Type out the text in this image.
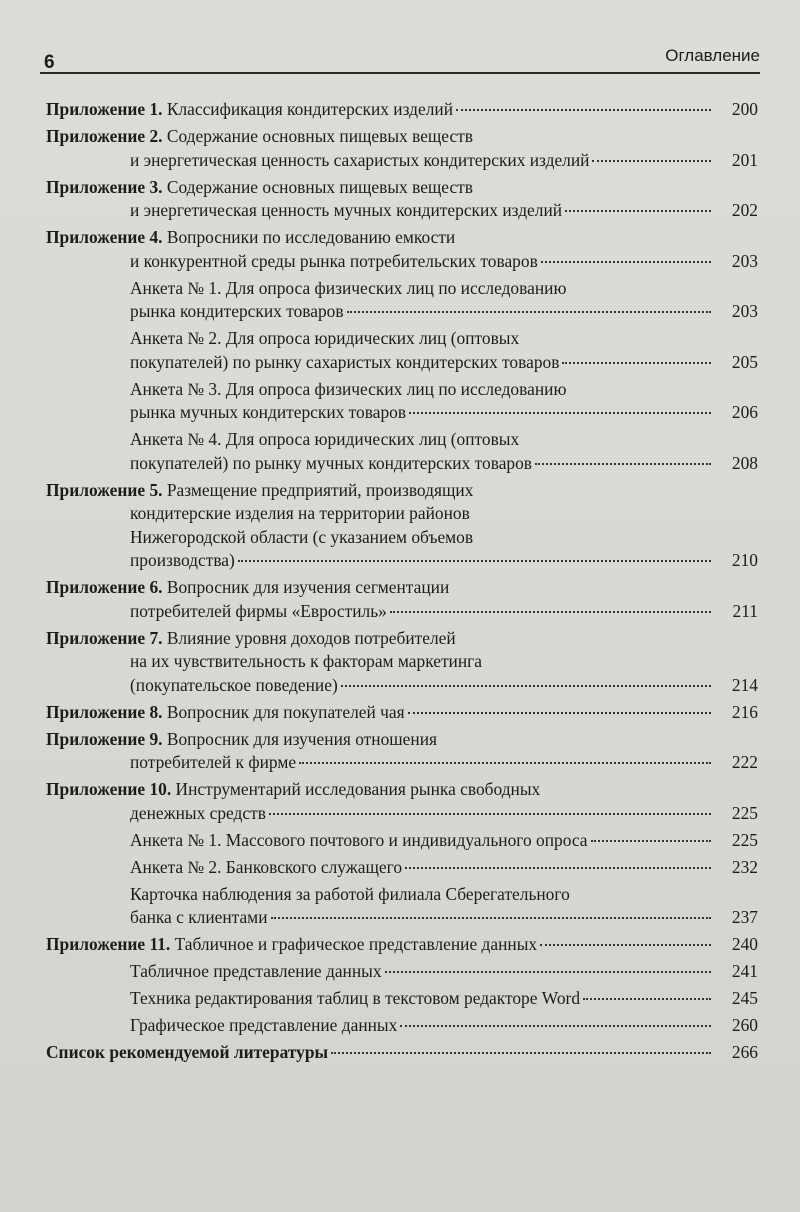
6	Оглавление
Приложение 1. Классификация кондитерских изделий	200
Приложение 2. Содержание основных пищевых веществ
и энергетическая ценность сахаристых кондитерских изделий	201
Приложение 3. Содержание основных пищевых веществ
и энергетическая ценность мучных кондитерских изделий	202
Приложение 4. Вопросники по исследованию емкости
и конкурентной среды рынка потребительских товаров	203
Анкета № 1. Для опроса физических лиц по исследованию
рынка кондитерских товаров	203
Анкета № 2. Для опроса юридических лиц (оптовых
покупателей) по рынку сахаристых кондитерских товаров	205
Анкета № 3. Для опроса физических лиц по исследованию
рынка мучных кондитерских товаров	206
Анкета № 4. Для опроса юридических лиц (оптовых
покупателей) по рынку мучных кондитерских товаров	208
Приложение 5. Размещение предприятий, производящих
кондитерские изделия на территории районов
Нижегородской области (с указанием объемов
производства)	210
Приложение 6. Вопросник для изучения сегментации
потребителей фирмы «Евростиль»	211
Приложение 7. Влияние уровня доходов потребителей
на их чувствительность к факторам маркетинга
(покупательское поведение)	214
Приложение 8. Вопросник для покупателей чая	216
Приложение 9. Вопросник для изучения отношения
потребителей к фирме	222
Приложение 10. Инструментарий исследования рынка свободных
денежных средств	225
Анкета № 1. Массового почтового и индивидуального опроса	225
Анкета № 2. Банковского служащего	232
Карточка наблюдения за работой филиала Сберегательного
банка с клиентами	237
Приложение 11. Табличное и графическое представление данных	240
Табличное представление данных	241
Техника редактирования таблиц в текстовом редакторе Word	245
Графическое представление данных	260
Список рекомендуемой литературы	266
